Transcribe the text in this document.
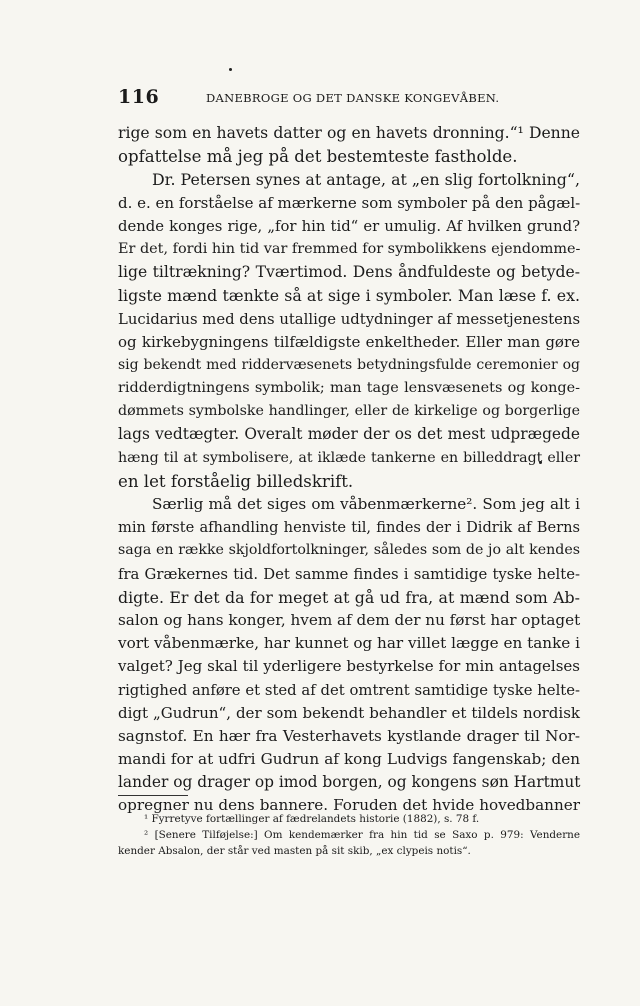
116	DANEBROGE OG DET DANSKE KONGEVÅBEN.
rige som en havets datter og en havets dronning.“¹ Denne
opfattelse må jeg på det bestemteste fastholde.
Dr. Petersen synes at antage, at „en slig fortolkning“,
d. e. en forståelse af mærkerne som symboler på den pågæl-
dende konges rige, „for hin tid“ er umulig. Af hvilken grund?
Er det, fordi hin tid var fremmed for symbolikkens ejendomme-
lige tiltrækning? Tværtimod. Dens åndfuldeste og betyde-
ligste mænd tænkte så at sige i symboler. Man læse f. ex.
Lucidarius med dens utallige udtydninger af messetjenestens
og kirkebygningens tilfældigste enkeltheder. Eller man gøre
sig bekendt med riddervæsenets betydningsfulde ceremonier og
ridderdigtningens symbolik; man tage lensvæsenets og konge-
dømmets symbolske handlinger, eller de kirkelige og borgerlige
lags vedtægter. Overalt møder der os det mest udprægede
hæng til at symbolisere, at iklæde tankerne en billeddragt eller
en let forståelig billedskrift.
Særlig må det siges om våbenmærkerne². Som jeg alt i
min første afhandling henviste til, findes der i Didrik af Berns
saga en række skjoldfortolkninger, således som de jo alt kendes
fra Grækernes tid. Det samme findes i samtidige tyske helte-
digte. Er det da for meget at gå ud fra, at mænd som Ab-
salon og hans konger, hvem af dem der nu først har optaget
vort våbenmærke, har kunnet og har villet lægge en tanke i
valget? Jeg skal til yderligere bestyrkelse for min antagelses
rigtighed anføre et sted af det omtrent samtidige tyske helte-
digt „Gudrun“, der som bekendt behandler et tildels nordisk
sagnstof. En hær fra Vesterhavets kystlande drager til Nor-
mandi for at udfri Gudrun af kong Ludvigs fangenskab; den
lander og drager op imod borgen, og kongens søn Hartmut
opregner nu dens bannere. Foruden det hvide hovedbanner
¹ Fyrretyve fortællinger af fædrelandets historie (1882), s. 78 f.
² [Senere Tilføjelse:] Om kendemærker fra hin tid se Saxo p. 979: Venderne
kender Absalon, der står ved masten på sit skib, „ex clypeis notis“.
